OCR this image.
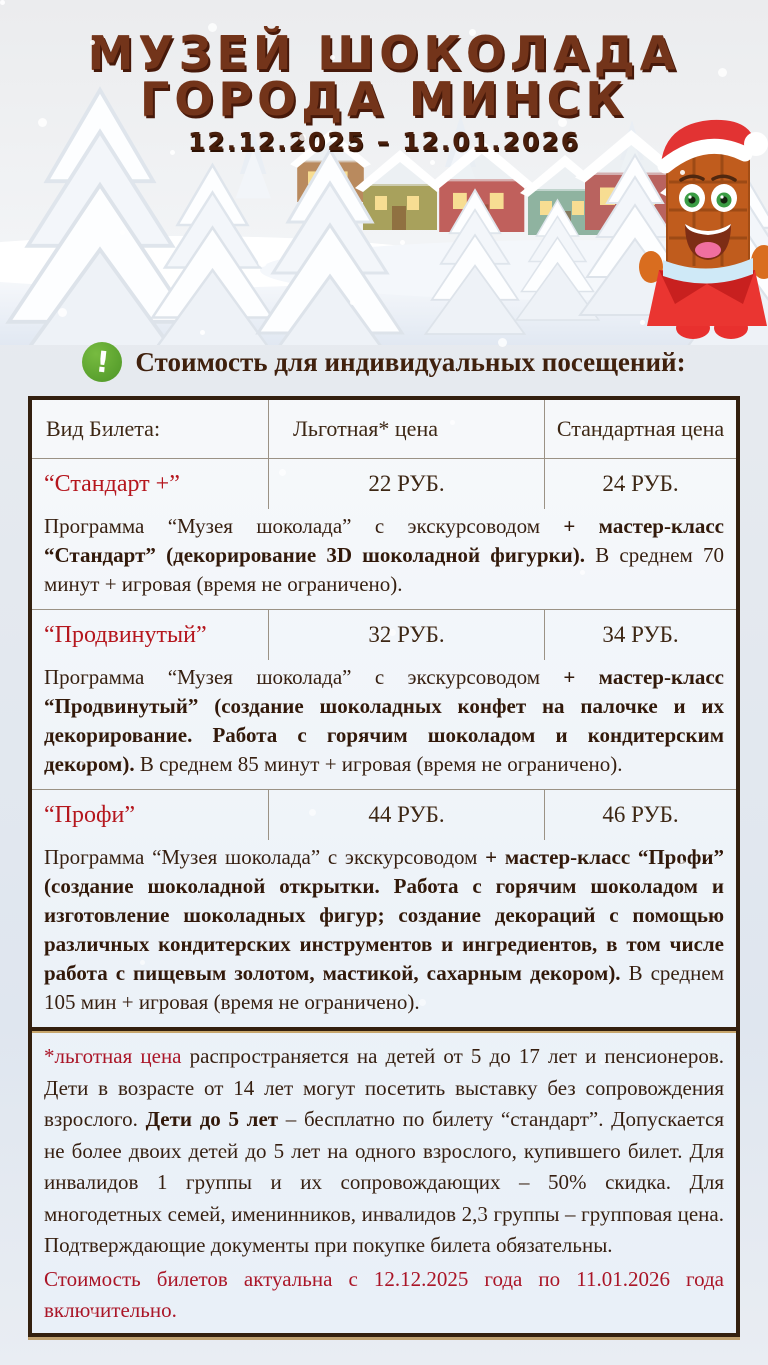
МУЗЕЙ ШОКОЛАДА
ГОРОДА МИНСК
12.12.2025 – 12.01.2026
! Стоимость для индивидуальных посещений:
Вид Билета:	Льготная* цена	Стандартная цена
“Стандарт +”	22 РУБ.	24 РУБ.
Программа “Музея шоколада” с экскурсоводом + мастер-класс “Стандарт” (декорирование 3D шоколадной фигурки). В среднем 70 минут + игровая (время не ограничено).
“Продвинутый”	32 РУБ.	34 РУБ.
Программа “Музея шоколада” с экскурсоводом + мастер-класс “Продвинутый” (создание шоколадных конфет на палочке и их декорирование. Работа с горячим шоколадом и кондитерским декором). В среднем 85 минут + игровая (время не ограничено).
“Профи”	44 РУБ.	46 РУБ.
Программа “Музея шоколада” с экскурсоводом + мастер-класс “Профи” (создание шоколадной открытки. Работа с горячим шоколадом и изготовление шоколадных фигур; создание декораций с помощью различных кондитерских инструментов и ингредиентов, в том числе работа с пищевым золотом, мастикой, сахарным декором). В среднем 105 мин + игровая (время не ограничено).

*льготная цена распространяется на детей от 5 до 17 лет и пенсионеров. Дети в возрасте от 14 лет могут посетить выставку без сопровождения взрослого. Дети до 5 лет – бесплатно по билету “стандарт”. Допускается не более двоих детей до 5 лет на одного взрослого, купившего билет. Для инвалидов 1 группы и их сопровождающих – 50% скидка. Для многодетных семей, именинников, инвалидов 2,3 группы – групповая цена. Подтверждающие документы при покупке билета обязательны.

Стоимость билетов актуальна с 12.12.2025 года по 11.01.2026 года включительно.
